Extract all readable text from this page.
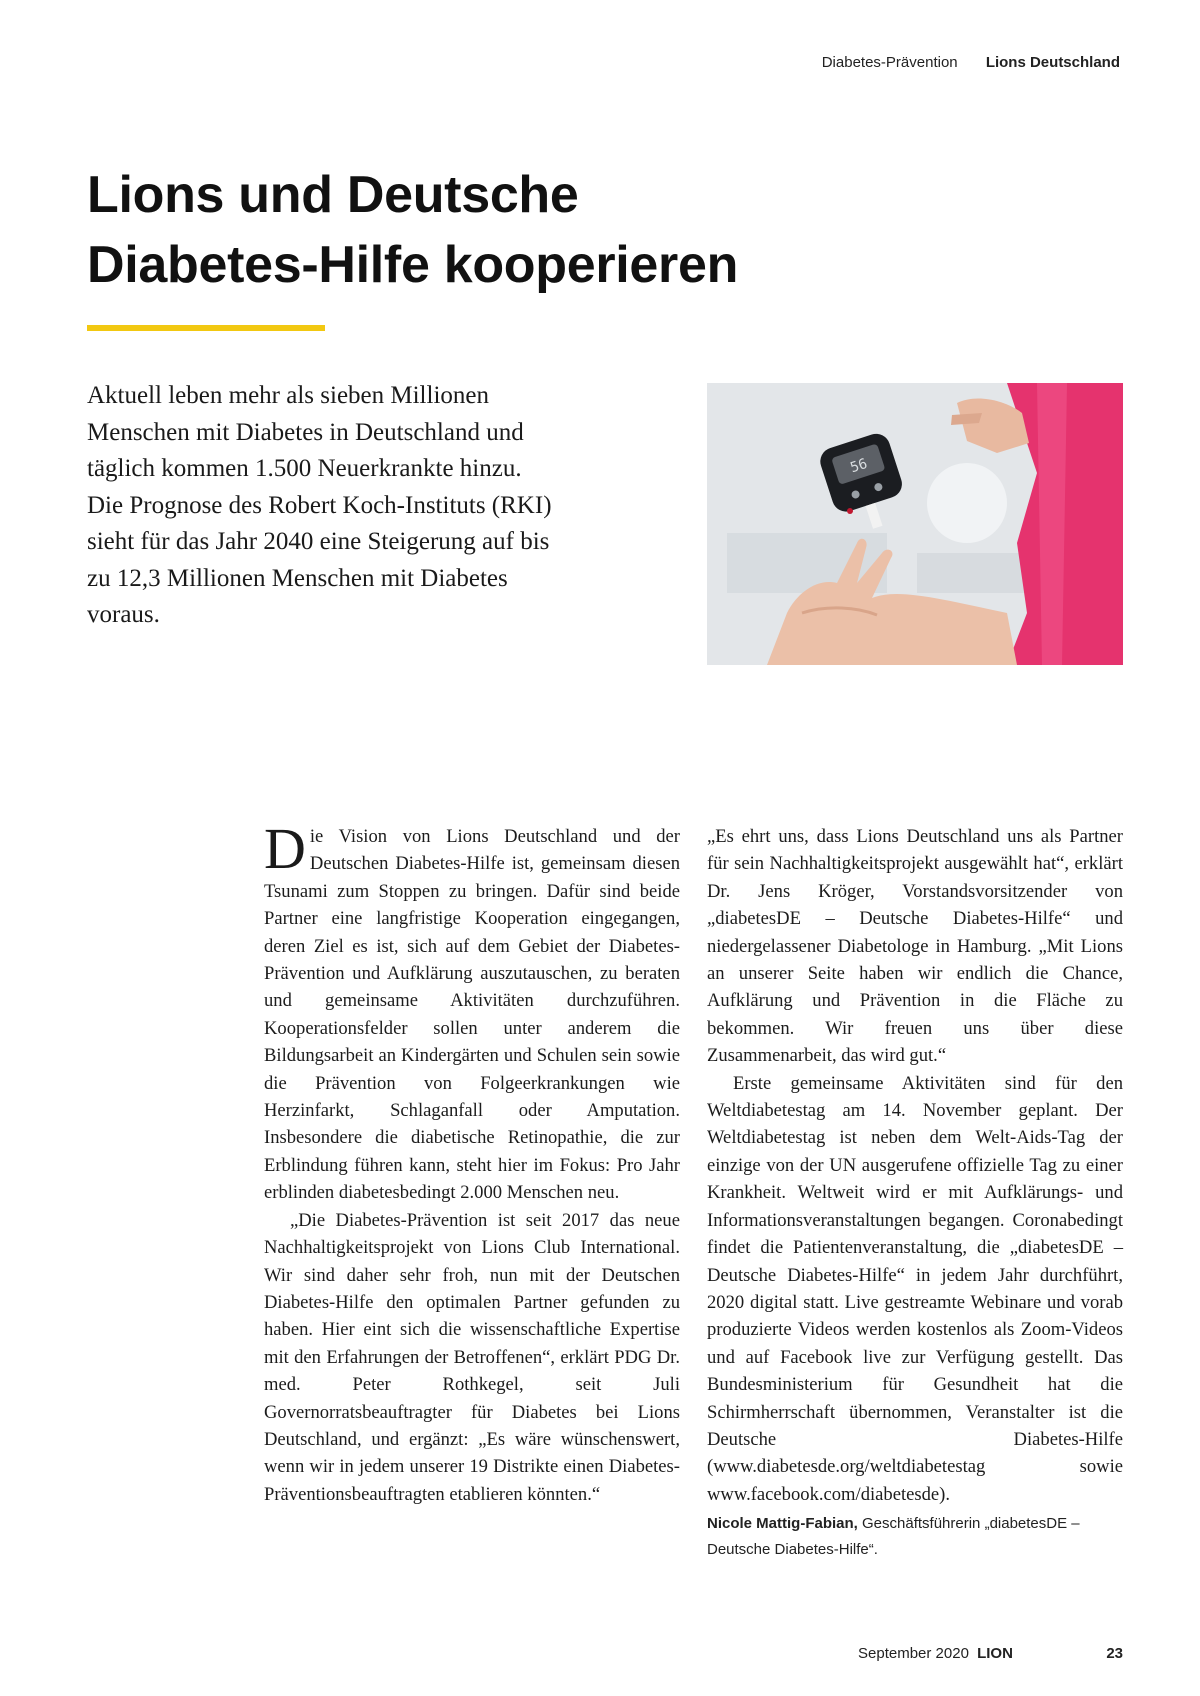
Diabetes-Prävention Lions Deutschland
Lions und Deutsche
Diabetes-Hilfe kooperieren

Aktuell leben mehr als sieben Millionen Menschen mit Diabetes in Deutschland und täglich kommen 1.500 Neuerkrankte hinzu.

Die Prognose des Robert Koch-Instituts (RKI) sieht für das Jahr 2040 eine Steigerung auf bis zu 12,3 Millionen Menschen mit Diabetes voraus.

56

Die Vision von Lions Deutschland und der Deutschen Diabetes-Hilfe ist, gemeinsam diesen Tsunami zum Stoppen zu bringen. Dafür sind beide Partner eine langfristige Kooperation eingegangen, deren Ziel es ist, sich auf dem Gebiet der Diabetes-Prävention und Aufklärung auszutauschen, zu beraten und gemeinsame Aktivitäten durchzuführen. Kooperationsfelder sollen unter anderem die Bildungsarbeit an Kindergärten und Schulen sein sowie die Prävention von Folgeerkrankungen wie Herzinfarkt, Schlaganfall oder Amputation. Insbesondere die diabetische Retinopathie, die zur Erblindung führen kann, steht hier im Fokus: Pro Jahr erblinden diabetesbedingt 2.000 Menschen neu.

„Die Diabetes-Prävention ist seit 2017 das neue Nachhaltigkeitsprojekt von Lions Club International. Wir sind daher sehr froh, nun mit der Deutschen Diabetes-Hilfe den optimalen Partner gefunden zu haben. Hier eint sich die wissenschaftliche Expertise mit den Erfahrungen der Betroffenen“, erklärt PDG Dr. med. Peter Rothkegel, seit Juli Governorratsbeauftragter für Diabetes bei Lions Deutschland, und ergänzt: „Es wäre wünschenswert, wenn wir in jedem unserer 19 Distrikte einen Diabetes-Präventionsbeauftragten etablieren könnten.“

„Es ehrt uns, dass Lions Deutschland uns als Partner für sein Nachhaltigkeitsprojekt ausgewählt hat“, erklärt Dr. Jens Kröger, Vorstandsvorsitzender von „diabetesDE – Deutsche Diabetes-Hilfe“ und niedergelassener Diabetologe in Hamburg. „Mit Lions an unserer Seite haben wir endlich die Chance, Aufklärung und Prävention in die Fläche zu bekommen. Wir freuen uns über diese Zusammenarbeit, das wird gut.“

Erste gemeinsame Aktivitäten sind für den Weltdiabetestag am 14. November geplant. Der Weltdiabetestag ist neben dem Welt-Aids-Tag der einzige von der UN ausgerufene offizielle Tag zu einer Krankheit. Weltweit wird er mit Aufklärungs- und Informationsveranstaltungen begangen. Coronabedingt findet die Patientenveranstaltung, die „diabetesDE – Deutsche Diabetes-Hilfe“ in jedem Jahr durchführt, 2020 digital statt. Live gestreamte Webinare und vorab produzierte Videos werden kostenlos als Zoom-Videos und auf Facebook live zur Verfügung gestellt. Das Bundesministerium für Gesundheit hat die Schirmherrschaft übernommen, Veranstalter ist die Deutsche Diabetes-Hilfe (www.diabetesde.org/weltdiabetestag sowie www.facebook.com/diabetesde).

Nicole Mattig-Fabian, Geschäftsführerin „diabetesDE – Deutsche Diabetes-Hilfe“.
September 2020 LION	23
